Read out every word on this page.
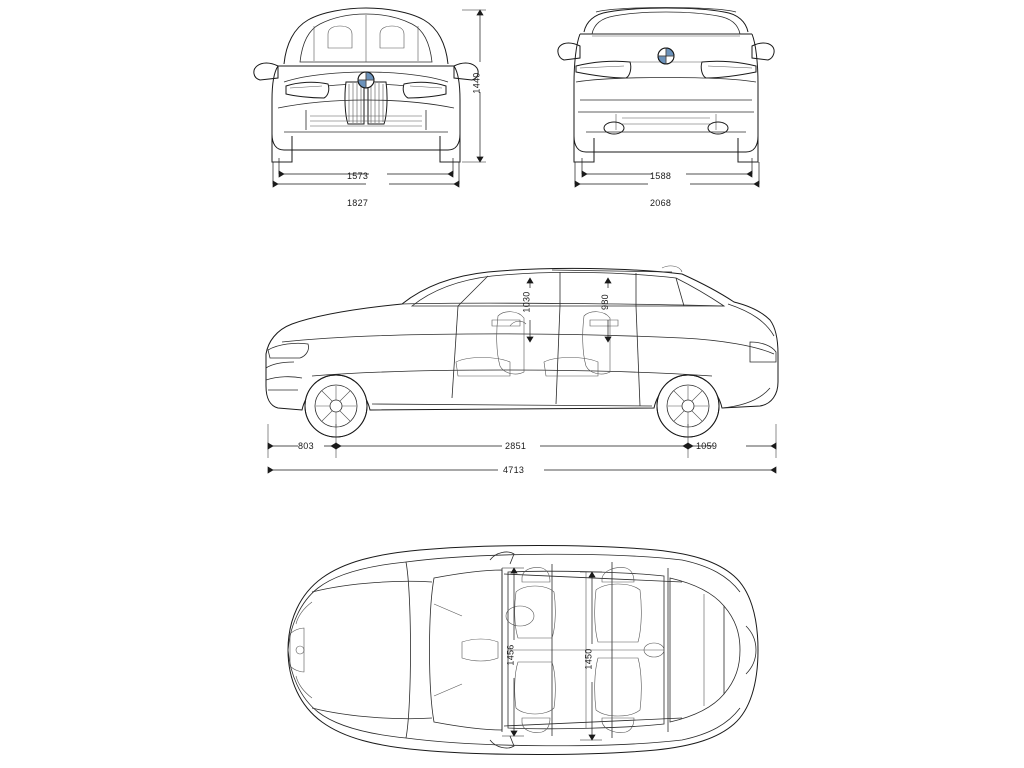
1573
1827
1440
1588
2068
1030	980
803	2851	1059
4713
1456	1450
